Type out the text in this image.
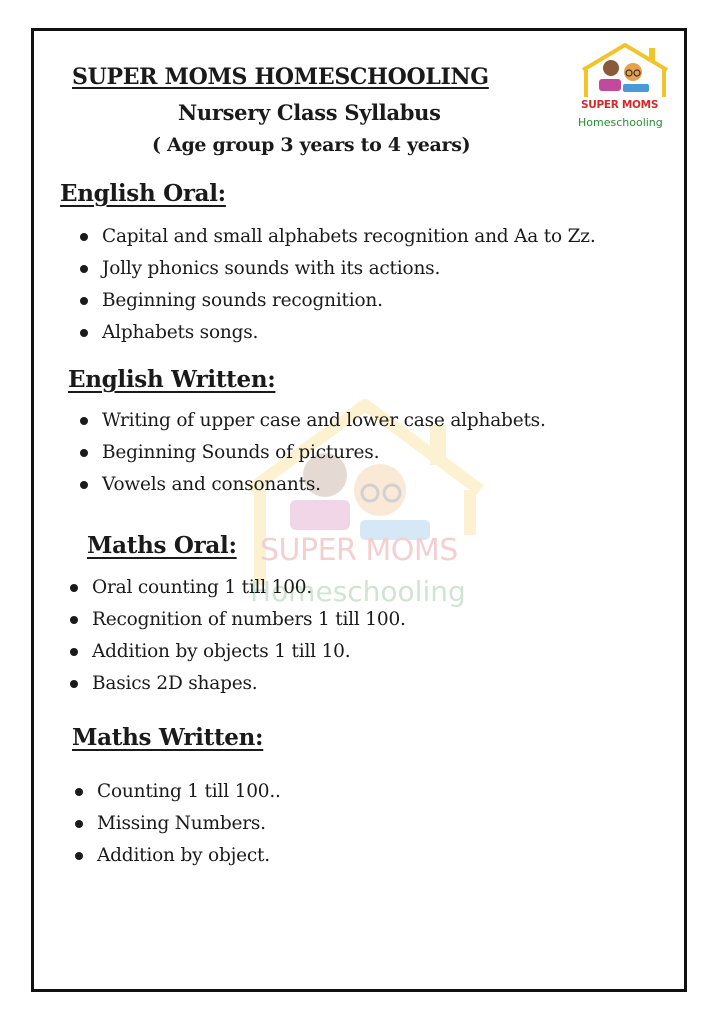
SUPER MOMS
Homeschooling
SUPER MOMS
Homeschooling
SUPER MOMS HOMESCHOOLING
Nursery Class Syllabus
( Age group 3 years to 4 years)
English Oral:
Capital and small alphabets recognition and Aa to Zz.
Jolly phonics sounds with its actions.
Beginning sounds recognition.
Alphabets songs.
English Written:
Writing of upper case and lower case alphabets.
Beginning Sounds of pictures.
Vowels and consonants.
Maths Oral:
Oral counting 1 till 100.
Recognition of numbers 1 till 100.
Addition by objects 1 till 10.
Basics 2D shapes.
Maths Written:
Counting 1 till 100..
Missing Numbers.
Addition by object.
